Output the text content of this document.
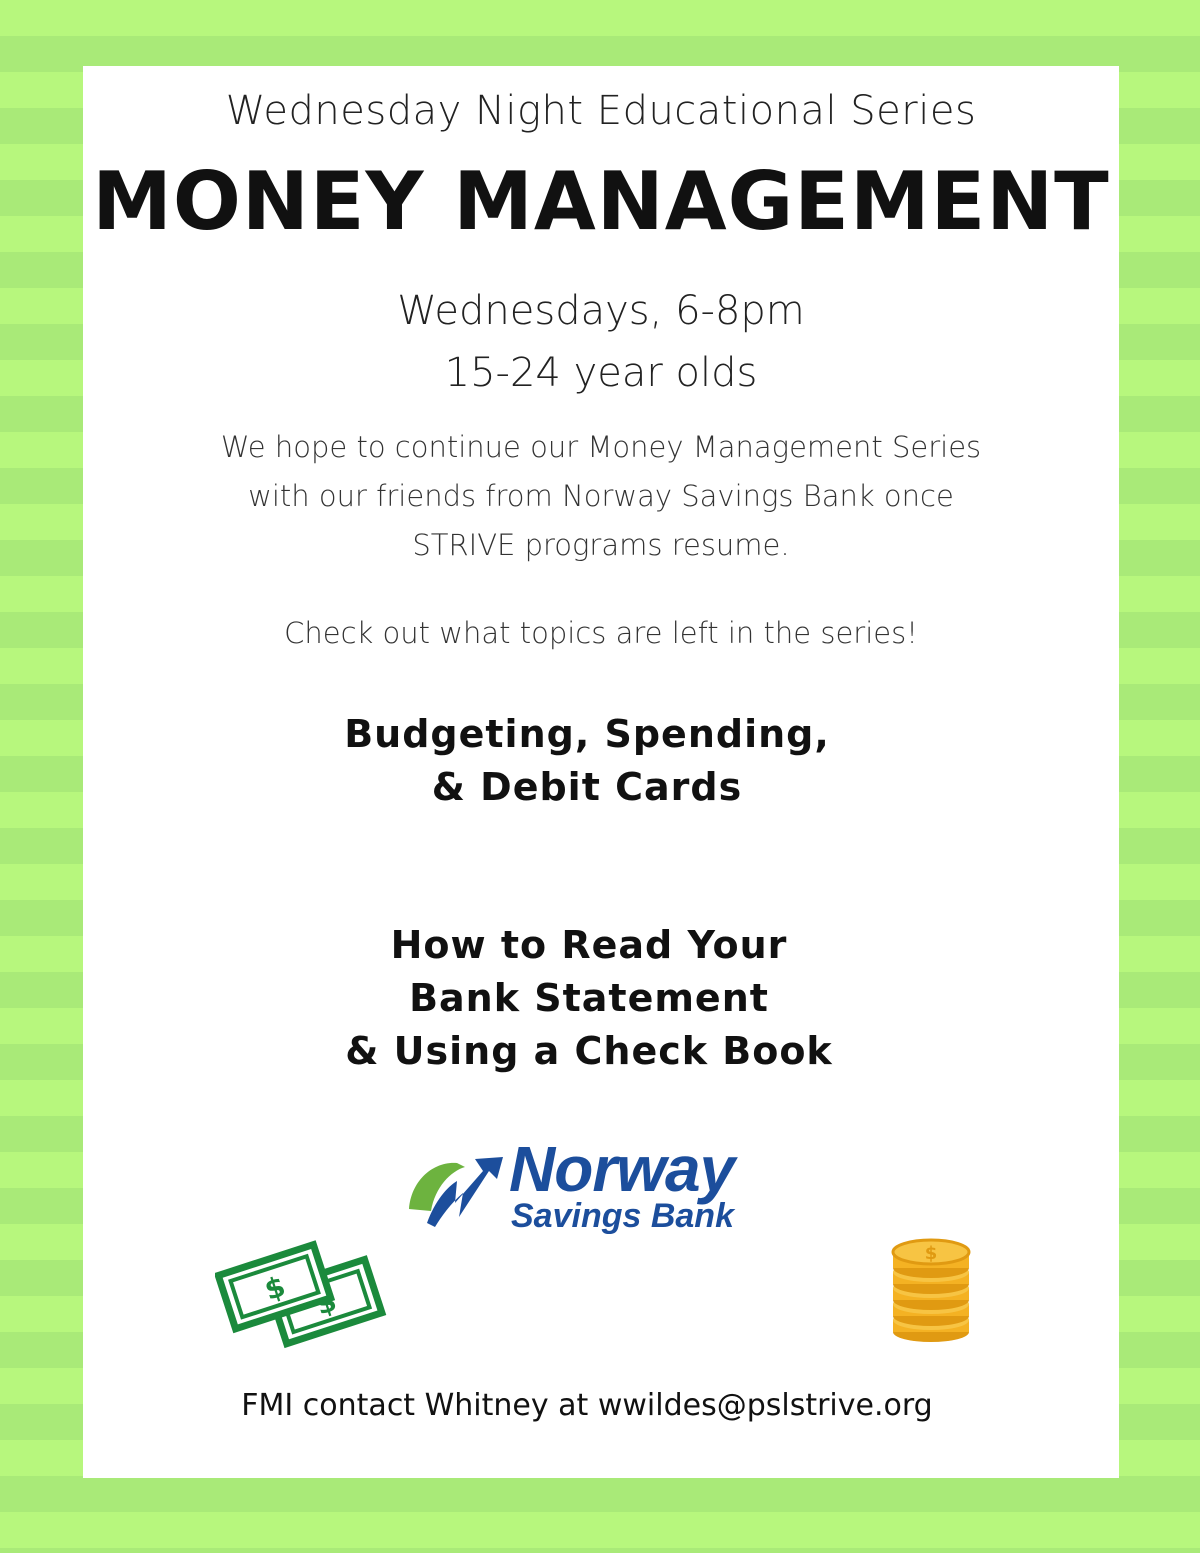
Wednesday Night Educational Series

MONEY MANAGEMENT
Wednesdays, 6-8pm
15-24 year olds
We hope to continue our Money Management Series
with our friends from Norway Savings Bank once
STRIVE programs resume.

Check out what topics are left in the series!

Budgeting, Spending,
& Debit Cards
How to Read Your
Bank Statement
& Using a Check Book
Norway
Savings Bank
$
$

FMI contact Whitney at wwildes@pslstrive.org
